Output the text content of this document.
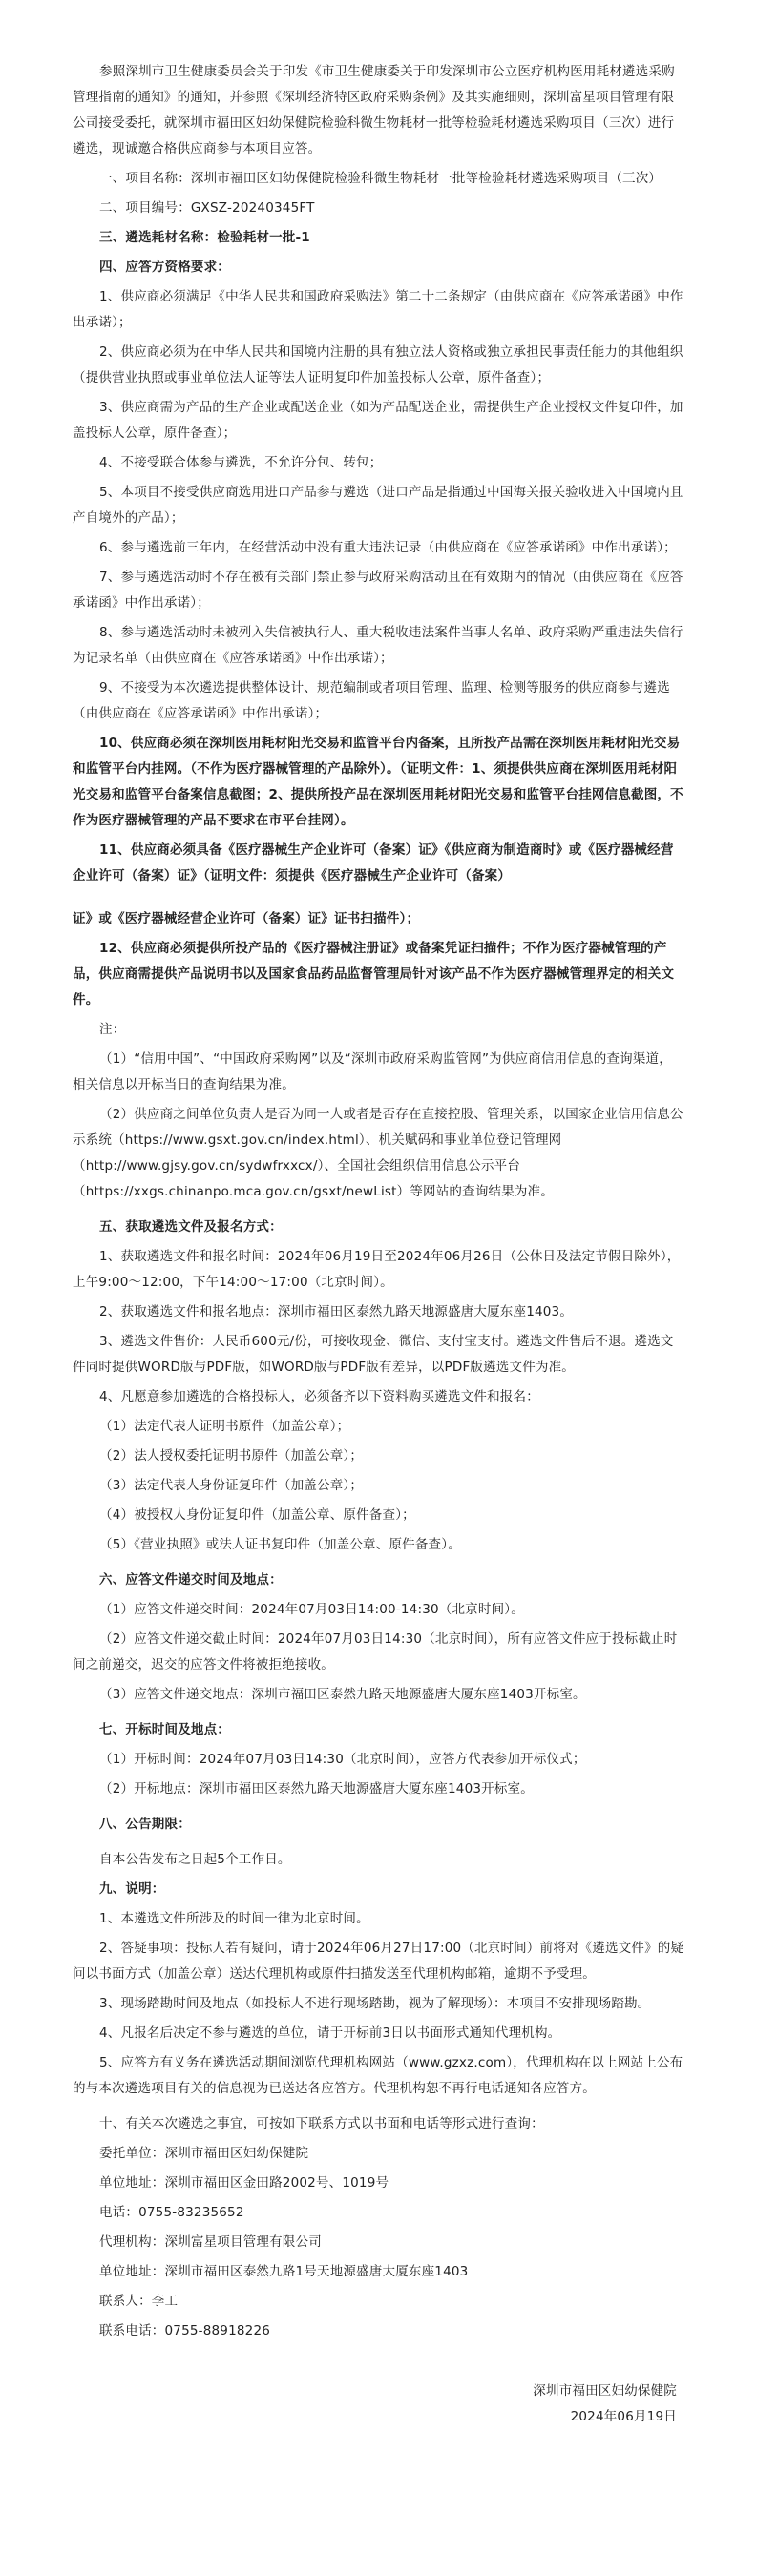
参照深圳市卫生健康委员会关于印发《市卫生健康委关于印发深圳市公立医疗机构医用耗材遴选采购管理指南的通知》的通知，并参照《深圳经济特区政府采购条例》及其实施细则，深圳富星项目管理有限公司接受委托，就深圳市福田区妇幼保健院检验科微生物耗材一批等检验耗材遴选采购项目（三次）进行遴选，现诚邀合格供应商参与本项目应答。

一、项目名称：深圳市福田区妇幼保健院检验科微生物耗材一批等检验耗材遴选采购项目（三次）

二、项目编号：GXSZ-20240345FT

三、遴选耗材名称：检验耗材一批-1

四、应答方资格要求：

1、供应商必须满足《中华人民共和国政府采购法》第二十二条规定（由供应商在《应答承诺函》中作出承诺）；

2、供应商必须为在中华人民共和国境内注册的具有独立法人资格或独立承担民事责任能力的其他组织（提供营业执照或事业单位法人证等法人证明复印件加盖投标人公章，原件备查）；

3、供应商需为产品的生产企业或配送企业（如为产品配送企业，需提供生产企业授权文件复印件，加盖投标人公章，原件备查）；

4、不接受联合体参与遴选，不允许分包、转包；

5、本项目不接受供应商选用进口产品参与遴选（进口产品是指通过中国海关报关验收进入中国境内且产自境外的产品）；

6、参与遴选前三年内，在经营活动中没有重大违法记录（由供应商在《应答承诺函》中作出承诺）；

7、参与遴选活动时不存在被有关部门禁止参与政府采购活动且在有效期内的情况（由供应商在《应答承诺函》中作出承诺）；

8、参与遴选活动时未被列入失信被执行人、重大税收违法案件当事人名单、政府采购严重违法失信行为记录名单（由供应商在《应答承诺函》中作出承诺）；

9、不接受为本次遴选提供整体设计、规范编制或者项目管理、监理、检测等服务的供应商参与遴选（由供应商在《应答承诺函》中作出承诺）；

10、供应商必须在深圳医用耗材阳光交易和监管平台内备案，且所投产品需在深圳医用耗材阳光交易和监管平台内挂网。（不作为医疗器械管理的产品除外）。（证明文件：1、须提供供应商在深圳医用耗材阳光交易和监管平台备案信息截图；2、提供所投产品在深圳医用耗材阳光交易和监管平台挂网信息截图，不作为医疗器械管理的产品不要求在市平台挂网）。

11、供应商必须具备《医疗器械生产企业许可（备案）证》《供应商为制造商时》或《医疗器械经营企业许可（备案）证》（证明文件：须提供《医疗器械生产企业许可（备案）

证》或《医疗器械经营企业许可（备案）证》证书扫描件）；

12、供应商必须提供所投产品的《医疗器械注册证》或备案凭证扫描件；不作为医疗器械管理的产品，供应商需提供产品说明书以及国家食品药品监督管理局针对该产品不作为医疗器械管理界定的相关文件。

注：

（1）“信用中国”、“中国政府采购网”以及“深圳市政府采购监管网”为供应商信用信息的查询渠道，相关信息以开标当日的查询结果为准。

（2）供应商之间单位负责人是否为同一人或者是否存在直接控股、管理关系，以国家企业信用信息公示系统（https://www.gsxt.gov.cn/index.html）、机关赋码和事业单位登记管理网（http://www.gjsy.gov.cn/sydwfrxxcx/）、全国社会组织信用信息公示平台（https://xxgs.chinanpo.mca.gov.cn/gsxt/newList）等网站的查询结果为准。

五、获取遴选文件及报名方式：

1、获取遴选文件和报名时间：2024年06月19日至2024年06月26日（公休日及法定节假日除外），上午9:00～12:00，下午14:00～17:00（北京时间）。

2、获取遴选文件和报名地点：深圳市福田区泰然九路天地源盛唐大厦东座1403。

3、遴选文件售价：人民币600元/份，可接收现金、微信、支付宝支付。遴选文件售后不退。遴选文件同时提供WORD版与PDF版，如WORD版与PDF版有差异，以PDF版遴选文件为准。

4、凡愿意参加遴选的合格投标人，必须备齐以下资料购买遴选文件和报名：

（1）法定代表人证明书原件（加盖公章）；

（2）法人授权委托证明书原件（加盖公章）；

（3）法定代表人身份证复印件（加盖公章）；

（4）被授权人身份证复印件（加盖公章、原件备查）；

（5）《营业执照》或法人证书复印件（加盖公章、原件备查）。

六、应答文件递交时间及地点：

（1）应答文件递交时间：2024年07月03日14:00-14:30（北京时间）。

（2）应答文件递交截止时间：2024年07月03日14:30（北京时间），所有应答文件应于投标截止时间之前递交，迟交的应答文件将被拒绝接收。

（3）应答文件递交地点：深圳市福田区泰然九路天地源盛唐大厦东座1403开标室。

七、开标时间及地点：

（1）开标时间：2024年07月03日14:30（北京时间），应答方代表参加开标仪式；

（2）开标地点：深圳市福田区泰然九路天地源盛唐大厦东座1403开标室。

八、公告期限：

自本公告发布之日起5个工作日。

九、说明：

1、本遴选文件所涉及的时间一律为北京时间。

2、答疑事项：投标人若有疑问，请于2024年06月27日17:00（北京时间）前将对《遴选文件》的疑问以书面方式（加盖公章）送达代理机构或原件扫描发送至代理机构邮箱，逾期不予受理。

3、现场踏勘时间及地点（如投标人不进行现场踏勘，视为了解现场）：本项目不安排现场踏勘。

4、凡报名后决定不参与遴选的单位，请于开标前3日以书面形式通知代理机构。

5、应答方有义务在遴选活动期间浏览代理机构网站（www.gzxz.com），代理机构在以上网站上公布的与本次遴选项目有关的信息视为已送达各应答方。代理机构恕不再行电话通知各应答方。

十、有关本次遴选之事宜，可按如下联系方式以书面和电话等形式进行查询：

委托单位：深圳市福田区妇幼保健院

单位地址：深圳市福田区金田路2002号、1019号

电话：0755-83235652

代理机构：深圳富星项目管理有限公司

单位地址：深圳市福田区泰然九路1号天地源盛唐大厦东座1403

联系人：李工

联系电话：0755-88918226

深圳市福田区妇幼保健院

2024年06月19日
